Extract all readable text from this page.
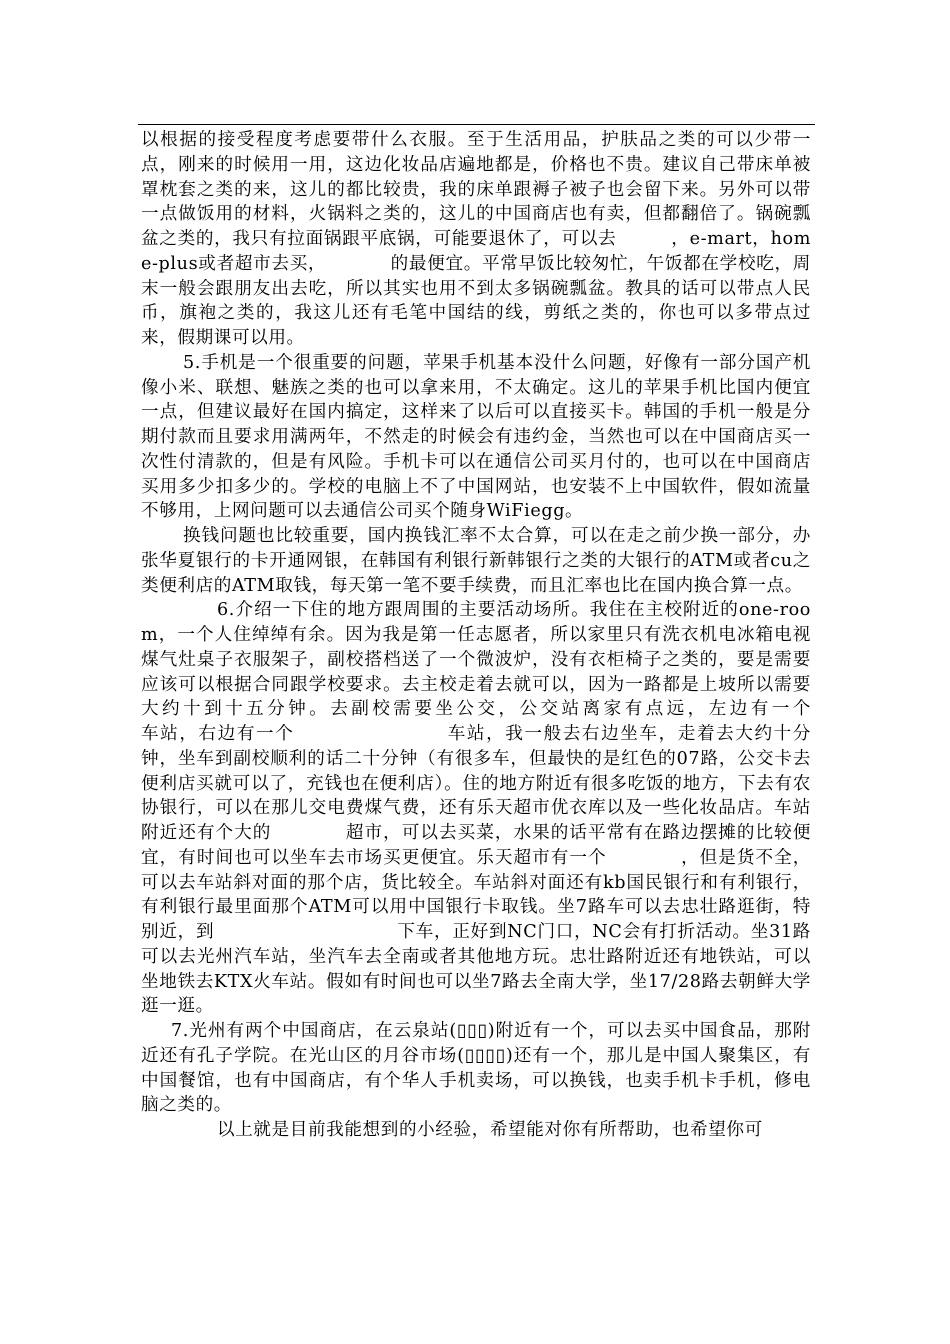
以根据的接受程度考虑要带什么衣服。至于生活用品，护肤品之类的可以少带一点，刚来的时候用一用，这边化妆品店遍地都是，价格也不贵。建议自己带床单被罩枕套之类的来，这儿的都比较贵，我的床单跟褥子被子也会留下来。另外可以带一点做饭用的材料，火锅料之类的，这儿的中国商店也有卖，但都翻倍了。锅碗瓢盆之类的，我只有拉面锅跟平底锅，可能要退休了，可以去　　　，e-mart，home-plus或者超市去买，　　　　的最便宜。平常早饭比较匆忙，午饭都在学校吃，周末一般会跟朋友出去吃，所以其实也用不到太多锅碗瓢盆。教具的话可以带点人民币，旗袍之类的，我这儿还有毛笔中国结的线，剪纸之类的，你也可以多带点过来，假期课可以用。

5.手机是一个很重要的问题，苹果手机基本没什么问题，好像有一部分国产机像小米、联想、魅族之类的也可以拿来用，不太确定。这儿的苹果手机比国内便宜一点，但建议最好在国内搞定，这样来了以后可以直接买卡。韩国的手机一般是分期付款而且要求用满两年，不然走的时候会有违约金，当然也可以在中国商店买一次性付清款的，但是有风险。手机卡可以在通信公司买月付的，也可以在中国商店买用多少扣多少的。学校的电脑上不了中国网站，也安装不上中国软件，假如流量不够用，上网问题可以去通信公司买个随身WiFiegg。

换钱问题也比较重要，国内换钱汇率不太合算，可以在走之前少换一部分，办张华夏银行的卡开通网银，在韩国有利银行新韩银行之类的大银行的ATM或者cu之类便利店的ATM取钱，每天第一笔不要手续费，而且汇率也比在国内换合算一点。

6.介绍一下住的地方跟周围的主要活动场所。我住在主校附近的one-room，一个人住绰绰有余。因为我是第一任志愿者，所以家里只有洗衣机电冰箱电视煤气灶桌子衣服架子，副校搭档送了一个微波炉，没有衣柜椅子之类的，要是需要应该可以根据合同跟学校要求。去主校走着去就可以，因为一路都是上坡所以需要大约十到十五分钟。去副校需要坐公交，公交站离家有点远，左边有一个　　　　　车站，右边有一个　　　　　　　　车站，我一般去右边坐车，走着去大约十分钟，坐车到副校顺利的话二十分钟（有很多车，但最快的是红色的07路，公交卡去便利店买就可以了，充钱也在便利店）。住的地方附近有很多吃饭的地方，下去有农协银行，可以在那儿交电费煤气费，还有乐天超市优衣库以及一些化妆品店。车站附近还有个大的　　　　超市，可以去买菜，水果的话平常有在路边摆摊的比较便宜，有时间也可以坐车去市场买更便宜。乐天超市有一个　　　　，但是货不全，可以去车站斜对面的那个店，货比较全。车站斜对面还有kb国民银行和有利银行，有利银行最里面那个ATM可以用中国银行卡取钱。坐7路车可以去忠壮路逛街，特别近，到　　　　　　　　　　下车，正好到NC门口，NC会有打折活动。坐31路可以去光州汽车站，坐汽车去全南或者其他地方玩。忠壮路附近还有地铁站，可以坐地铁去KTX火车站。假如有时间也可以坐7路去全南大学，坐17/28路去朝鲜大学逛一逛。

7.光州有两个中国商店，在云泉站(▯▯▯)附近有一个，可以去买中国食品，那附近还有孔子学院。在光山区的月谷市场(▯▯▯▯)还有一个，那儿是中国人聚集区，有中国餐馆，也有中国商店，有个华人手机卖场，可以换钱，也卖手机卡手机，修电脑之类的。

以上就是目前我能想到的小经验，希望能对你有所帮助，也希望你可
